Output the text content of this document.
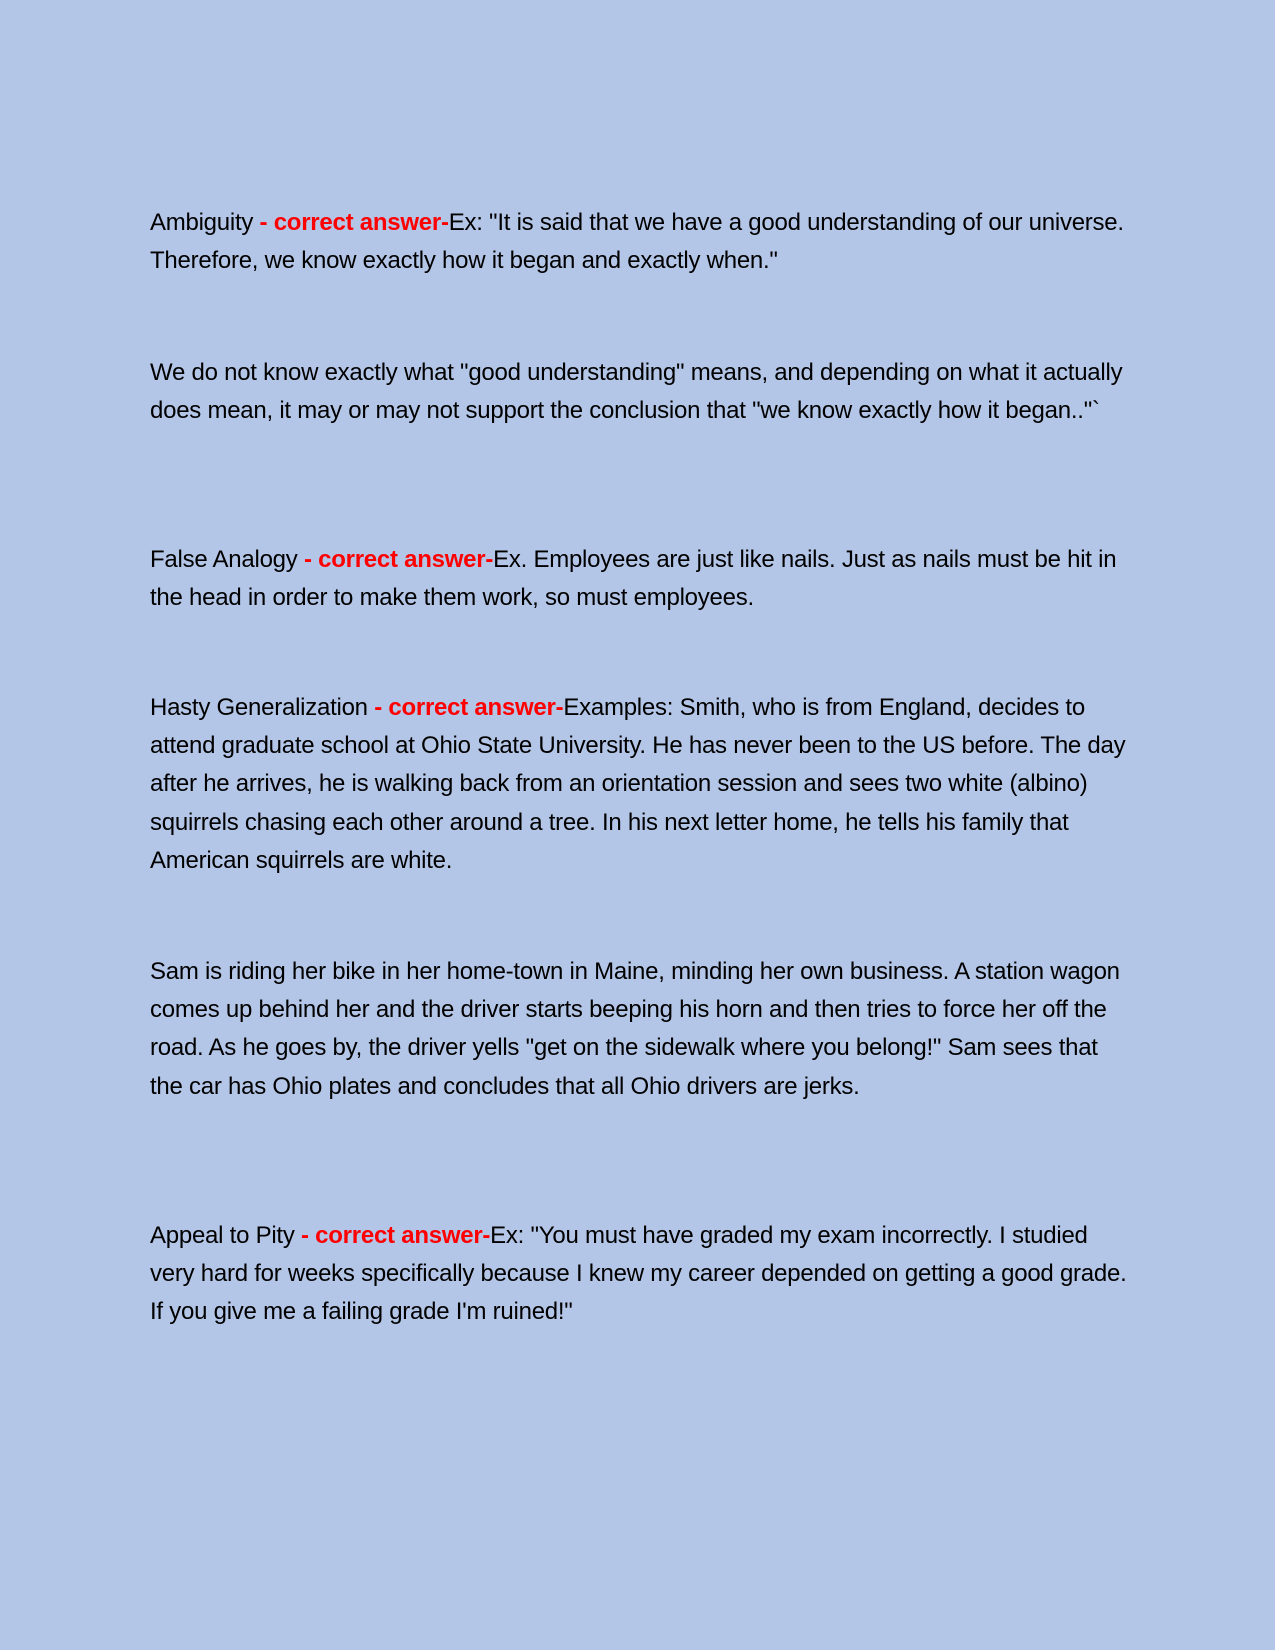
Ambiguity - correct answer-Ex: "It is said that we have a good understanding of our universe. Therefore, we know exactly how it began and exactly when."

We do not know exactly what "good understanding" means, and depending on what it actually does mean, it may or may not support the conclusion that "we know exactly how it began.."`

False Analogy - correct answer-Ex. Employees are just like nails. Just as nails must be hit in the head in order to make them work, so must employees.

Hasty Generalization - correct answer-Examples: Smith, who is from England, decides to attend graduate school at Ohio State University. He has never been to the US before. The day after he arrives, he is walking back from an orientation session and sees two white (albino) squirrels chasing each other around a tree. In his next letter home, he tells his family that American squirrels are white.

Sam is riding her bike in her home-town in Maine, minding her own business. A station wagon comes up behind her and the driver starts beeping his horn and then tries to force her off the road. As he goes by, the driver yells "get on the sidewalk where you belong!" Sam sees that the car has Ohio plates and concludes that all Ohio drivers are jerks.

Appeal to Pity - correct answer-Ex: "You must have graded my exam incorrectly. I studied very hard for weeks specifically because I knew my career depended on getting a good grade. If you give me a failing grade I'm ruined!"
